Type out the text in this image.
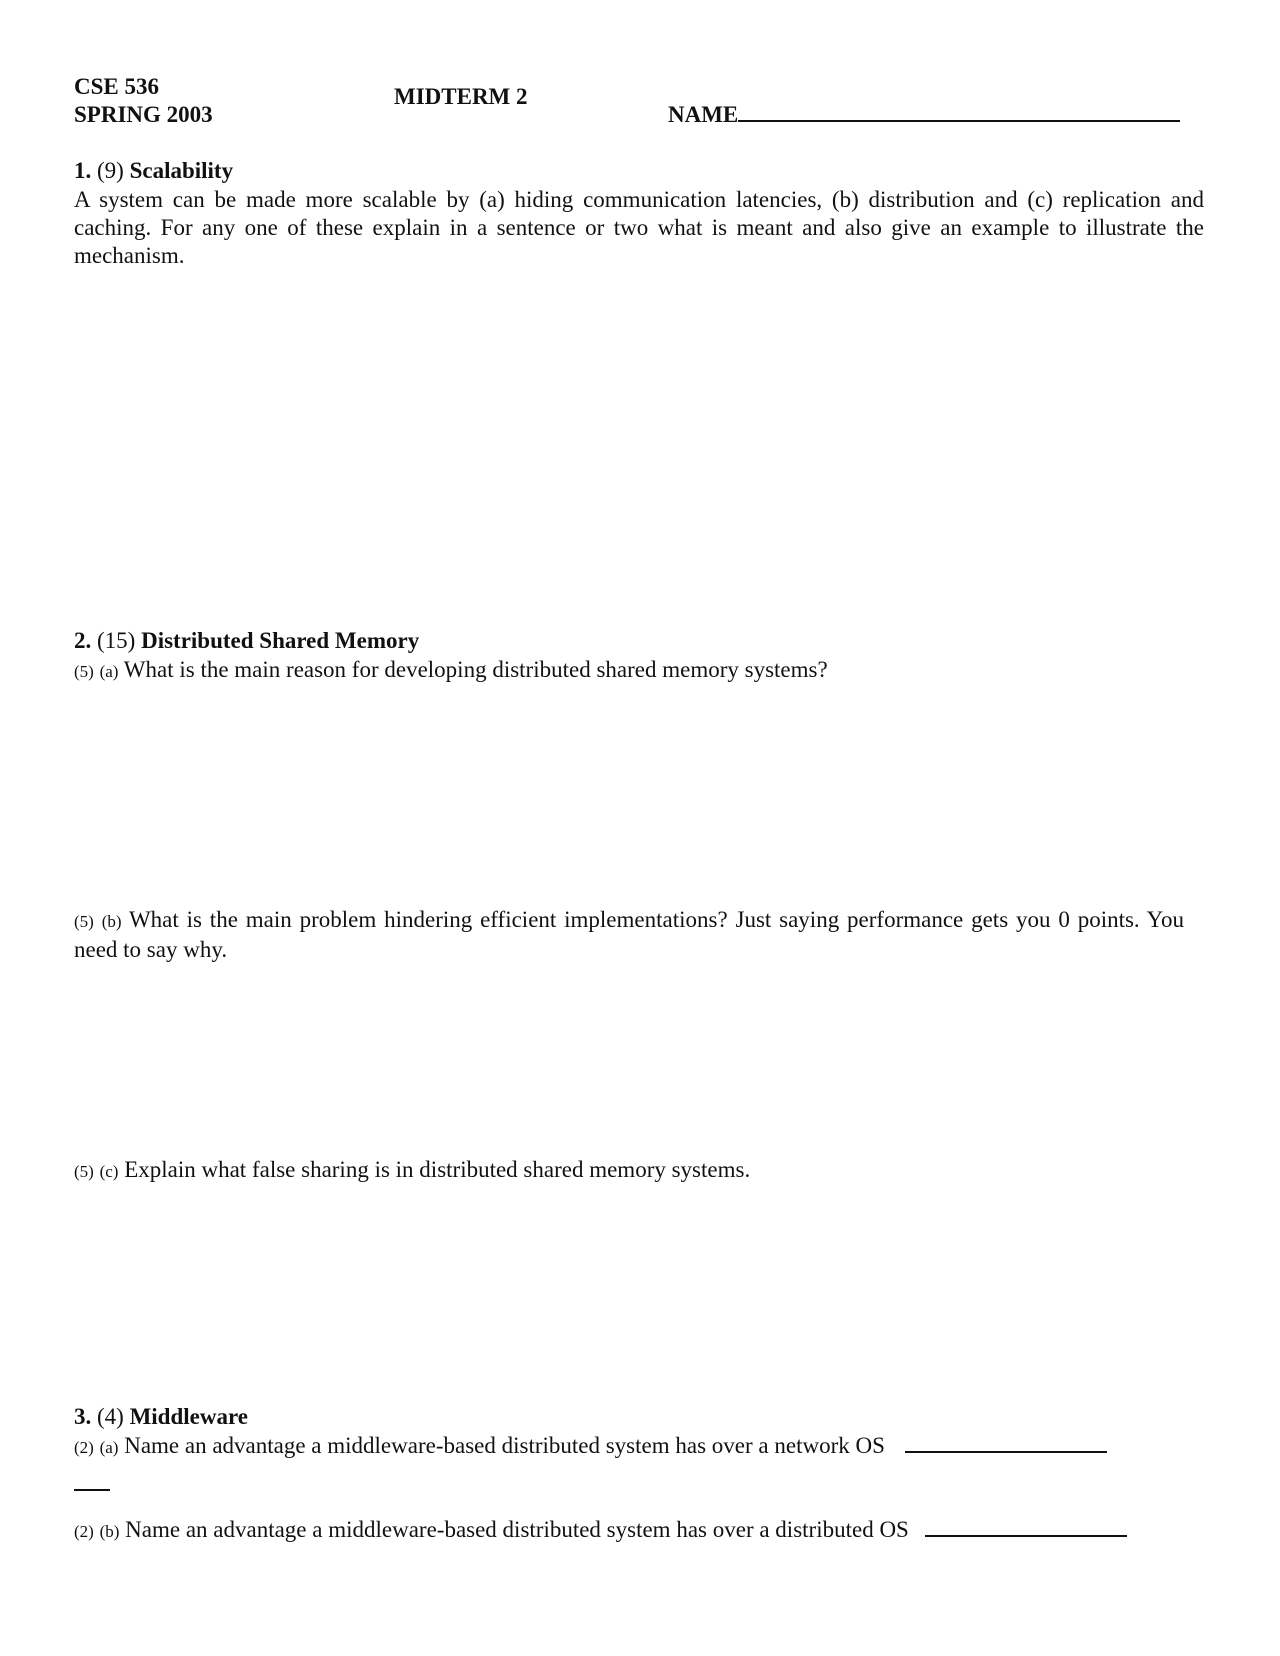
CSE 536
SPRING 2003
MIDTERM 2
NAME
1. (9) Scalability
A system can be made more scalable by (a) hiding communication latencies, (b) distribution and (c) replication and caching. For any one of these explain in a sentence or two what is meant and also give an example to illustrate the mechanism.
2. (15) Distributed Shared Memory
(5) (a) What is the main reason for developing distributed shared memory systems?
(5) (b) What is the main problem hindering efficient implementations? Just saying performance gets you 0 points. You need to say why.
(5) (c) Explain what false sharing is in distributed shared memory systems.
3. (4) Middleware
(2) (a) Name an advantage a middleware-based distributed system has over a network OS
(2) (b) Name an advantage a middleware-based distributed system has over a distributed OS
